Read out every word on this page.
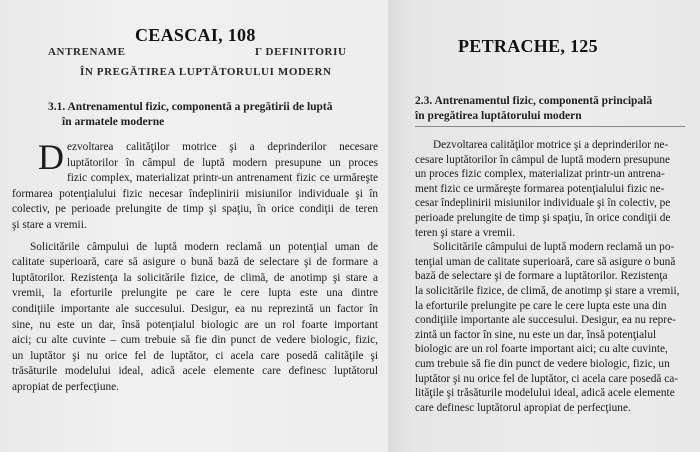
CEASCAI, 108
ANTRENAME	Γ DEFINITORIU
ÎN PREGĂTIREA LUPTĂTORULUI MODERN
3.1. Antrenamentul fizic, componentă a pregătirii de luptă
în armatele moderne

D ezvoltarea calităţilor motrice şi a deprinderilor necesare
luptătorilor în câmpul de luptă modern presupune un proces
fizic complex, materializat printr-un antrenament fizic ce urmăreşte
formarea potenţialului fizic necesar îndeplinirii misiunilor individuale şi în
colectiv, pe perioade prelungite de timp şi spaţiu, în orice condiţii de teren
şi stare a vremii.

Solicitările câmpului de luptă modern reclamă un potenţial uman de
calitate superioară, care să asigure o bună bază de selectare şi de formare a
luptătorilor. Rezistenţa la solicitările fizice, de climă, de anotimp şi stare a
vremii, la eforturile prelungite pe care le cere lupta este una dintre
condiţiile importante ale succesului. Desigur, ea nu reprezintă un factor în
sine, nu este un dar, însă potenţialul biologic are un rol foarte important
aici; cu alte cuvinte – cum trebuie să fie din punct de vedere biologic, fizic,
un luptător şi nu orice fel de luptător, ci acela care posedă calităţile şi
trăsăturile modelului ideal, adică acele elemente care definesc luptătorul
apropiat de perfecţiune.

PETRACHE, 125
2.3. Antrenamentul fizic, componentă principală
în pregătirea luptătorului modern

Dezvoltarea calităţilor motrice şi a deprinderilor ne-
cesare luptătorilor în câmpul de luptă modern presupune
un proces fizic complex, materializat printr-un antrena-
ment fizic ce urmăreşte formarea potenţialului fizic ne-
cesar îndeplinirii misiunilor individuale şi în colectiv, pe
perioade prelungite de timp şi spaţiu, în orice condiţii de
teren şi stare a vremii.

Solicitările câmpului de luptă modern reclamă un po-
tenţial uman de calitate superioară, care să asigure o bună
bază de selectare şi de formare a luptătorilor. Rezistenţa
la solicitările fizice, de climă, de anotimp şi stare a vremii,
la eforturile prelungite pe care le cere lupta este una din
condiţiile importante ale succesului. Desigur, ea nu repre-
zintă un factor în sine, nu este un dar, însă potenţialul
biologic are un rol foarte important aici; cu alte cuvinte,
cum trebuie să fie din punct de vedere biologic, fizic, un
luptător şi nu orice fel de luptător, ci acela care posedă ca-
lităţile şi trăsăturile modelului ideal, adică acele elemente
care definesc luptătorul apropiat de perfecţiune.
